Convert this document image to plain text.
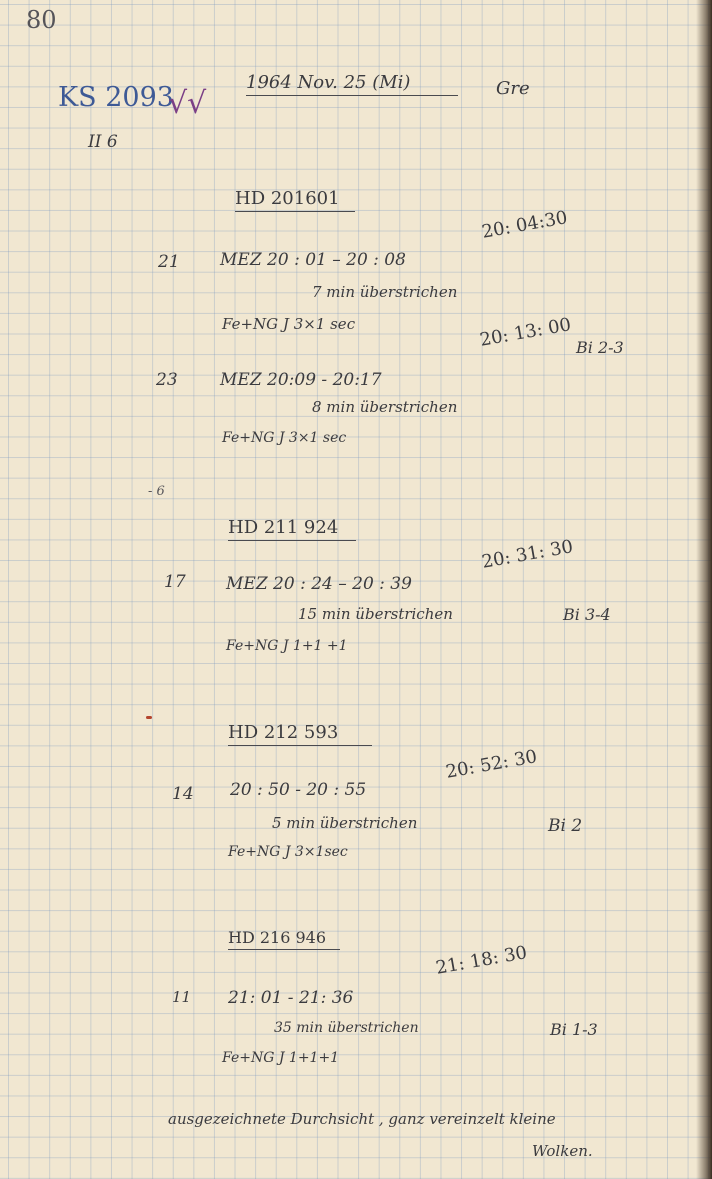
80
KS 2093
√√
II 6
1964 Nov. 25 (Mi)	Gre
HD 201601
20: 04:30
21 MEZ 20 : 01 – 20 : 08
7 min überstrichen
Fe+NG J 3×1 sec	20: 13: 00 Bi 2-3
23 MEZ 20:09 - 20:17
8 min überstrichen
Fe+NG J 3×1 sec
- 6
HD 211 924
20: 31: 30
17 MEZ 20 : 24 – 20 : 39
15 min überstrichen	Bi 3-4
Fe+NG J 1+1 +1
HD 212 593
20: 52: 30
14 20 : 50 - 20 : 55
5 min überstrichen	Bi 2
Fe+NG J 3×1sec
HD 216 946
21: 18: 30
11 21: 01 - 21: 36
35 min überstrichen	Bi 1-3
Fe+NG J 1+1+1
ausgezeichnete Durchsicht , ganz vereinzelt kleine
Wolken.
